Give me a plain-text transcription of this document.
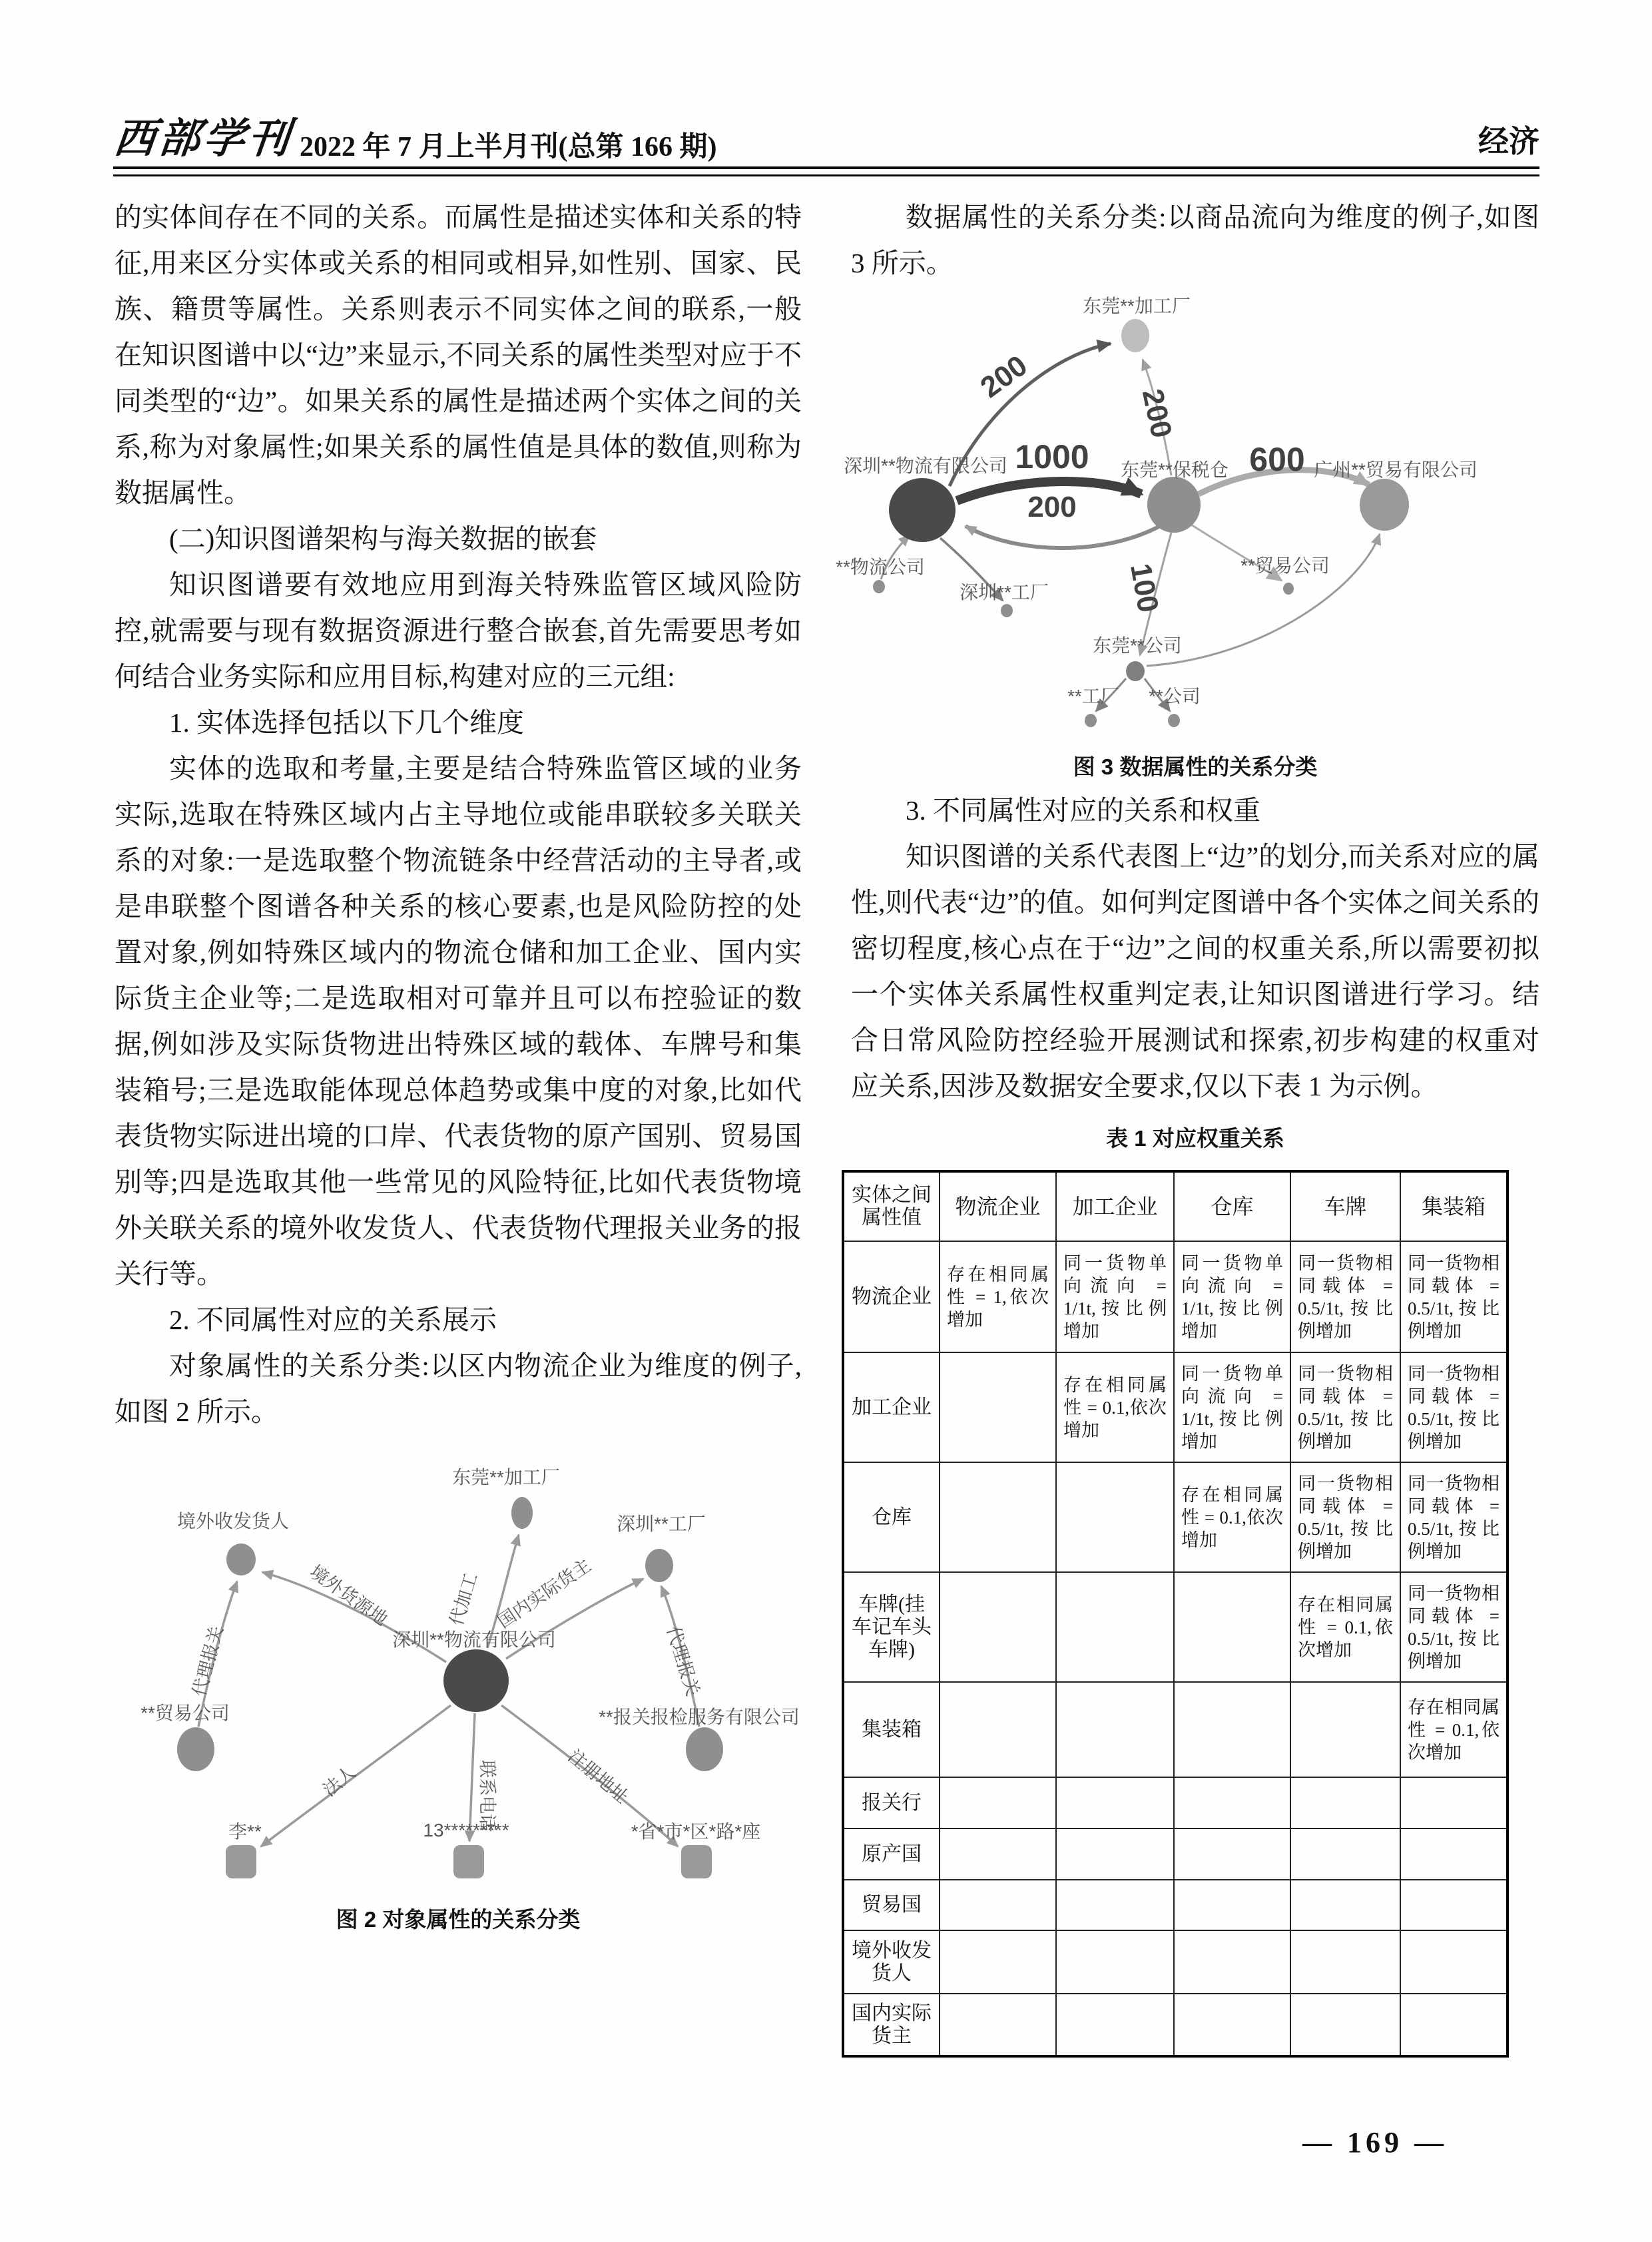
西部学刊 2022 年 7 月上半月刊(总第 166 期)	经济

的实体间存在不同的关系。而属性是描述实体和关系的特征,用来区分实体或关系的相同或相异,如性别、国家、民族、籍贯等属性。关系则表示不同实体之间的联系,一般在知识图谱中以“边”来显示,不同关系的属性类型对应于不同类型的“边”。如果关系的属性是描述两个实体之间的关系,称为对象属性;如果关系的属性值是具体的数值,则称为数据属性。

(二)知识图谱架构与海关数据的嵌套

知识图谱要有效地应用到海关特殊监管区域风险防控,就需要与现有数据资源进行整合嵌套,首先需要思考如何结合业务实际和应用目标,构建对应的三元组:

1. 实体选择包括以下几个维度

实体的选取和考量,主要是结合特殊监管区域的业务实际,选取在特殊区域内占主导地位或能串联较多关联关系的对象:一是选取整个物流链条中经营活动的主导者,或是串联整个图谱各种关系的核心要素,也是风险防控的处置对象,例如特殊区域内的物流仓储和加工企业、国内实际货主企业等;二是选取相对可靠并且可以布控验证的数据,例如涉及实际货物进出特殊区域的载体、车牌号和集装箱号;三是选取能体现总体趋势或集中度的对象,比如代表货物实际进出境的口岸、代表货物的原产国别、贸易国别等;四是选取其他一些常见的风险特征,比如代表货物境外关联关系的境外收发货人、代表货物代理报关业务的报关行等。

2. 不同属性对应的关系展示

对象属性的关系分类:以区内物流企业为维度的例子,如图 2 所示。

东莞**加工厂
境外收发货人	深圳**工厂
深圳**物流有限公司
**贸易公司	**报关报检服务有限公司
李**	13*********	*省*市*区*路*座
代加工
境外货源地	国内实际货主
代理报关	代理报关
法人	联系电话	注册地址
图 2 对象属性的关系分类

数据属性的关系分类:以商品流向为维度的例子,如图 3 所示。

东莞**加工厂
深圳**物流有限公司	东莞**保税仓	广州**贸易有限公司
**物流公司
深圳**工厂
**贸易公司
东莞**公司
**工厂 **公司
200
200
1000
200
600
100
图 3 数据属性的关系分类

3. 不同属性对应的关系和权重

知识图谱的关系代表图上“边”的划分,而关系对应的属性,则代表“边”的值。如何判定图谱中各个实体之间关系的密切程度,核心点在于“边”之间的权重关系,所以需要初拟一个实体关系属性权重判定表,让知识图谱进行学习。结合日常风险防控经验开展测试和探索,初步构建的权重对应关系,因涉及数据安全要求,仅以下表 1 为示例。

表 1 对应权重关系
实体之间属性值	物流企业	加工企业	仓库	车牌	集装箱
物流企业	存在相同属性 = 1,依次增加	同一货物单向流向 = 1/1t,按比例增加	同一货物单向流向 = 1/1t,按比例增加	同一货物相同载体 = 0.5/1t,按比例增加	同一货物相同载体 = 0.5/1t,按比例增加
加工企业		存在相同属性 = 0.1,依次增加	同一货物单向流向 = 1/1t,按比例增加	同一货物相同载体 = 0.5/1t,按比例增加	同一货物相同载体 = 0.5/1t,按比例增加
仓库			存在相同属性 = 0.1,依次增加	同一货物相同载体 = 0.5/1t,按比例增加	同一货物相同载体 = 0.5/1t,按比例增加
车牌(挂车记车头车牌)				存在相同属性 = 0.1,依次增加	同一货物相同载体 = 0.5/1t,按比例增加
集装箱					存在相同属性 = 0.1,依次增加
报关行					
原产国					
贸易国					
境外收发货人					
国内实际货主					
— 169 —
